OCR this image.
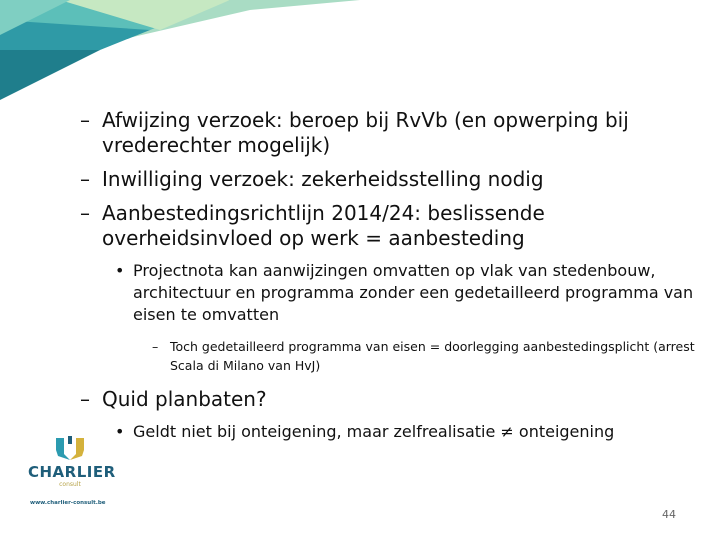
– Afwijzing verzoek: beroep bij RvVb (en opwerping bij vrederechter mogelijk)
– Inwilliging verzoek: zekerheidsstelling nodig
– Aanbestedingsrichtlijn 2014/24: beslissende overheidsinvloed op werk = aanbesteding
• Projectnota kan aanwijzingen omvatten op vlak van stedenbouw, architectuur en programma zonder een gedetailleerd programma van eisen te omvatten
– Toch gedetailleerd programma van eisen = doorlegging aanbestedingsplicht (arrest Scala di Milano van HvJ)
– Quid planbaten?
• Geldt niet bij onteigening, maar zelfrealisatie ≠ onteigening
CHARLIER
consult
www.charlier-consult.be
44
